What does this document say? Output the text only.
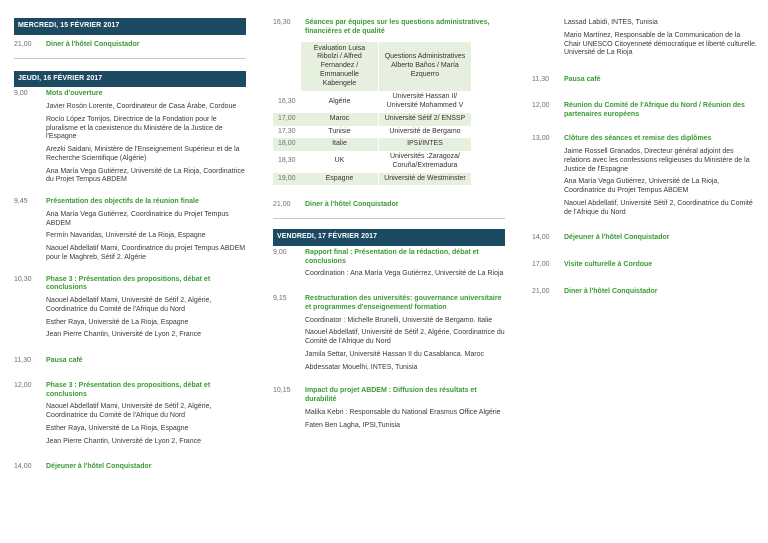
MERCREDI, 15 FÉVRIER 2017
21,00	Diner à l'hôtel Conquistador
JEUDI, 16 FÉVRIER 2017
9,00	Mots d'ouverture
Javier Rosón Lorente, Coordinateur de Casa Árabe, Cordoue
Rocío López Torrijos, Directrice de la Fondation pour le pluralisme et la coexistence du Ministère de la Justice de l'Espagne
Arezki Saidani, Ministère de l'Enseignement Supérieur et de la Recherche Scientifique (Algérie)
Ana María Vega Gutiérrez, Université de La Rioja, Coordinatrice du Projet Tempus ABDEM
9,45	Présentation des objectifs de la réunion finale
Ana María Vega Gutiérrez, Coordinatrice du Projet Tempus ABDEM
Fermín Navaridas, Université de La Rioja, Espagne
Naouel Abdellatif Mami, Coordinatrice du projet Tempus ABDEM pour le Maghreb, Sétif 2. Algérie
10,30	Phase 3 : Présentation des propositions, débat et conclusions
Naouel Abdellatif Mami, Université de Sétif 2, Algérie, Coordinatrice du Comité de l'Afrique du Nord
Esther Raya, Université de La Rioja, Espagne
Jean Pierre Chantin, Université de Lyon 2, France
11,30	Pausa café
12,00	Phase 3 : Présentation des propositions, débat et conclusions
Naouel Abdellatif Mami, Université de Sétif 2, Algérie, Coordinatrice du Comité de l'Afrique du Nord
Esther Raya, Université de La Rioja, Espagne
Jean Pierre Chantin, Université de Lyon 2, France
14,00	Déjeuner à l'hôtel Conquistador
16,30	Séances par équipes sur les questions administratives, financières et de qualité
	Evaluation Luisa Ribolzi / Alfred Fernandez / Emmanuelle Kabengele	Questions Administratives Alberto Baños / María Ezquerro
16,30	Algérie	Université Hassan II/ Université Mohammed V
17,00	Maroc	Université Sétif 2/ ENSSP
17,30	Tunisie	Université de Bergamo
18,00	Italie	IPSI/INTES
18,30	UK	Universités :Zaragoza/ Coruña/Extremadura
19,00	Espagne	Université de Westminster
21,00	Diner à l'hôtel Conquistador
VENDREDI, 17 FÉVRIER 2017
9,00	Rapport final : Présentation de la rédaction, débat et conclusions
Coordination : Ana María Vega Gutiérrez, Université de La Rioja
9,15	Restructuration des universités: gouvernance universitaire et programmes d'enseignement/ formation
Coordinator : Michelle Brunelli, Université de Bergamo. Italie
Naouel Abdellatif, Université de Sétif 2, Algérie, Coordinatrice du Comité de l'Afrique du Nord
Jamila Settar, Université Hassan II du Casablanca. Maroc
Abdessatar Mouelhi, INTES, Tunisia
10,15	Impact du projet ABDEM : Diffusion des résultats et durabilité
Malika Kebri : Responsable du National Erasmus Office Algérie
Faten Ben Lagha, IPSI,Tunisia
Lassad Labidi, INTES, Tunisia
Mario Martínez, Responsable de la Communication de la Chair UNESCO Citoyenneté démocratique et liberté culturelle. Université de La Rioja
11,30	Pausa café
12,00	Réunion du Comité de l'Afrique du Nord / Réunion des partenaires européens
13,00	Clôture des séances et remise des diplômes
Jaime Rossell Granados, Directeur général adjoint des relations avec les confessions religieuses du Ministère de la Justice de l'Espagne
Ana María Vega Gutiérrez, Université de La Rioja, Coordinatrice du Projet Tempus ABDEM
Naouel Abdellatif, Université Sétif 2, Coordinatrice du Comité de l'Afrique du Nord
14,00	Déjeuner à l'hôtel Conquistador
17,00	Visite culturelle à Cordoue
21,00	Diner à l'hôtel Conquistador
